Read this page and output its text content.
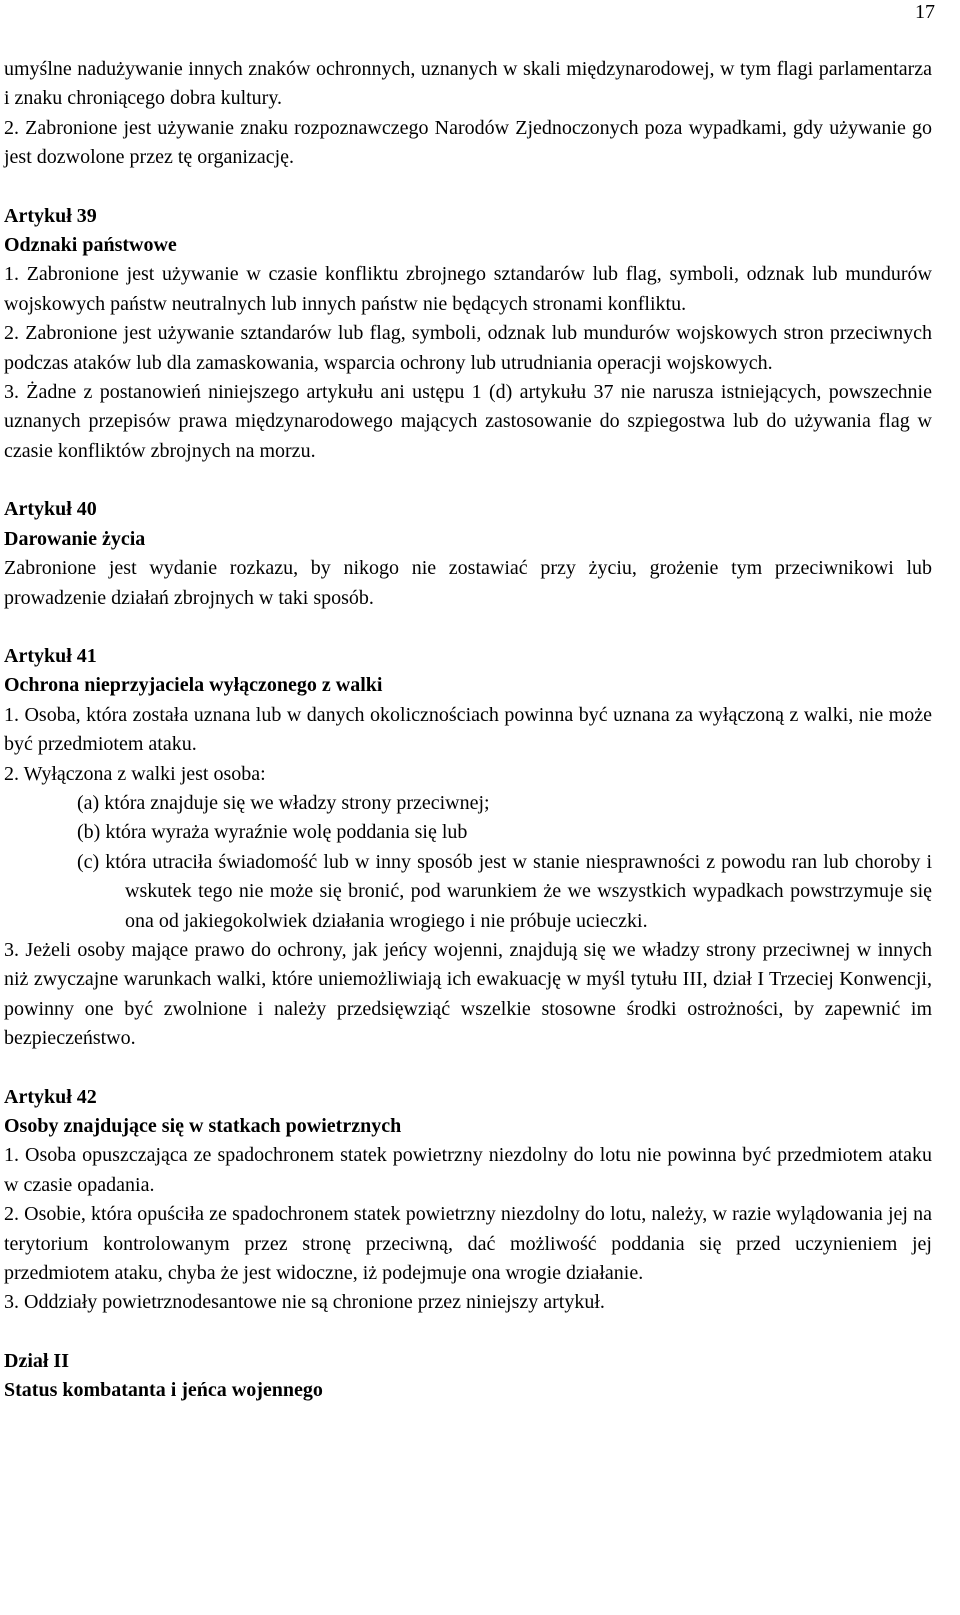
17

umyślne nadużywanie innych znaków ochronnych, uznanych w skali międzynarodowej, w tym flagi parlamentarza i znaku chroniącego dobra kultury.

2. Zabronione jest używanie znaku rozpoznawczego Narodów Zjednoczonych poza wypadkami, gdy używanie go jest dozwolone przez tę organizację.

Artykuł 39

Odznaki państwowe

1. Zabronione jest używanie w czasie konfliktu zbrojnego sztandarów lub flag, symboli, odznak lub mundurów wojskowych państw neutralnych lub innych państw nie będących stronami konfliktu.

2. Zabronione jest używanie sztandarów lub flag, symboli, odznak lub mundurów wojskowych stron przeciwnych podczas ataków lub dla zamaskowania, wsparcia ochrony lub utrudniania operacji wojskowych.

3. Żadne z postanowień niniejszego artykułu ani ustępu 1 (d) artykułu 37 nie narusza istniejących, powszechnie uznanych przepisów prawa międzynarodowego mających zastosowanie do szpiegostwa lub do używania flag w czasie konfliktów zbrojnych na morzu.

Artykuł 40

Darowanie życia

Zabronione jest wydanie rozkazu, by nikogo nie zostawiać przy życiu, grożenie tym przeciwnikowi lub prowadzenie działań zbrojnych w taki sposób.

Artykuł 41

Ochrona nieprzyjaciela wyłączonego z walki

1. Osoba, która została uznana lub w danych okolicznościach powinna być uznana za wyłączoną z walki, nie może być przedmiotem ataku.

2. Wyłączona z walki jest osoba:

(a) która znajduje się we władzy strony przeciwnej;

(b) która wyraża wyraźnie wolę poddania się lub

(c) która utraciła świadomość lub w inny sposób jest w stanie niesprawności z powodu ran lub choroby i wskutek tego nie może się bronić, pod warunkiem że we wszystkich wypadkach powstrzymuje się ona od jakiegokolwiek działania wrogiego i nie próbuje ucieczki.

3. Jeżeli osoby mające prawo do ochrony, jak jeńcy wojenni, znajdują się we władzy strony przeciwnej w innych niż zwyczajne warunkach walki, które uniemożliwiają ich ewakuację w myśl tytułu III, dział I Trzeciej Konwencji, powinny one być zwolnione i należy przedsięwziąć wszelkie stosowne środki ostrożności, by zapewnić im bezpieczeństwo.

Artykuł 42

Osoby znajdujące się w statkach powietrznych

1. Osoba opuszczająca ze spadochronem statek powietrzny niezdolny do lotu nie powinna być przedmiotem ataku w czasie opadania.

2. Osobie, która opuściła ze spadochronem statek powietrzny niezdolny do lotu, należy, w razie wylądowania jej na terytorium kontrolowanym przez stronę przeciwną, dać możliwość poddania się przed uczynieniem jej przedmiotem ataku, chyba że jest widoczne, iż podejmuje ona wrogie działanie.

3. Oddziały powietrznodesantowe nie są chronione przez niniejszy artykuł.

Dział II

Status kombatanta i jeńca wojennego
